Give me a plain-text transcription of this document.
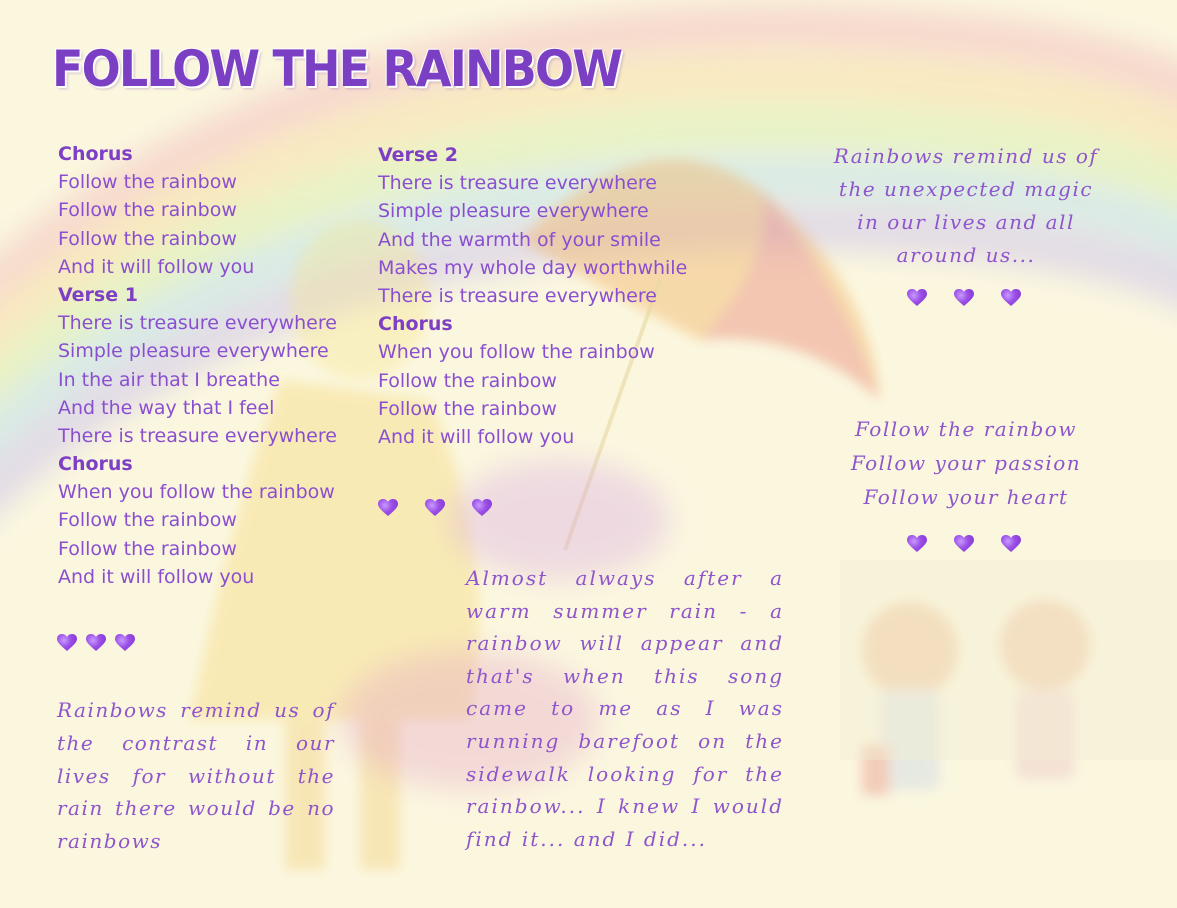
FOLLOW THE RAINBOW
Chorus
Follow the rainbow
Follow the rainbow
Follow the rainbow
And it will follow you
Verse 1
There is treasure everywhere
Simple pleasure everywhere
In the air that I breathe
And the way that I feel
There is treasure everywhere
Chorus
When you follow the rainbow
Follow the rainbow
Follow the rainbow
And it will follow you
Verse 2
There is treasure everywhere
Simple pleasure everywhere
And the warmth of your smile
Makes my whole day worthwhile
There is treasure everywhere
Chorus
When you follow the rainbow
Follow the rainbow
Follow the rainbow
And it will follow you
Rainbows remind us of the contrast in our lives for without the rain there would be no rainbows
Almost always after a warm summer rain - a rainbow will appear and that's when this song came to me as I was running barefoot on the sidewalk looking for the rainbow... I knew I would find it... and I did...
Rainbows remind us of
the unexpected magic
in our lives and all
around us...
Follow the rainbow
Follow your passion
Follow your heart
